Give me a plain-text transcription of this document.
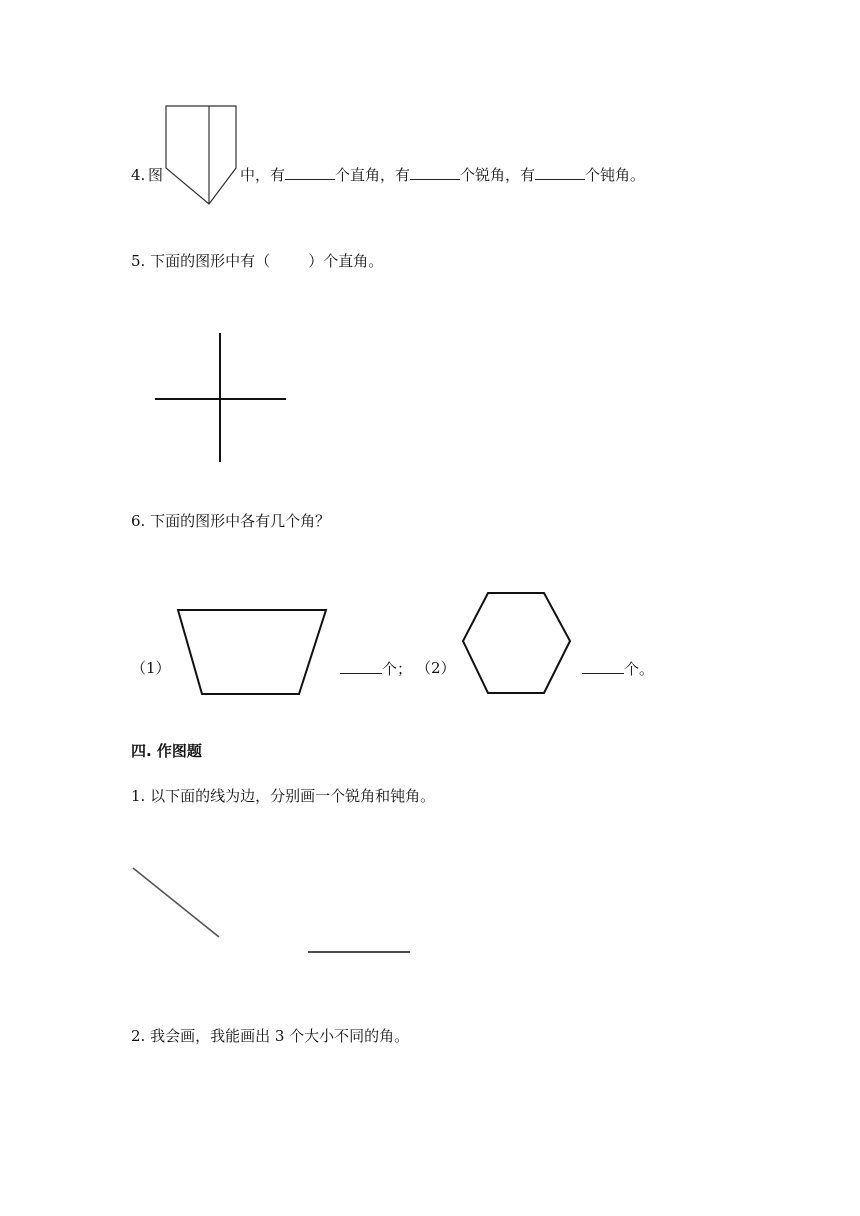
4. 图	中，有	个直角，有	个锐角，有	个钝角。
5. 下面的图形中有（        ）个直角。
6. 下面的图形中各有几个角？
（1）	个； （2）	个。
四. 作图题
1. 以下面的线为边，分别画一个锐角和钝角。
2. 我会画，我能画出 3 个大小不同的角。
